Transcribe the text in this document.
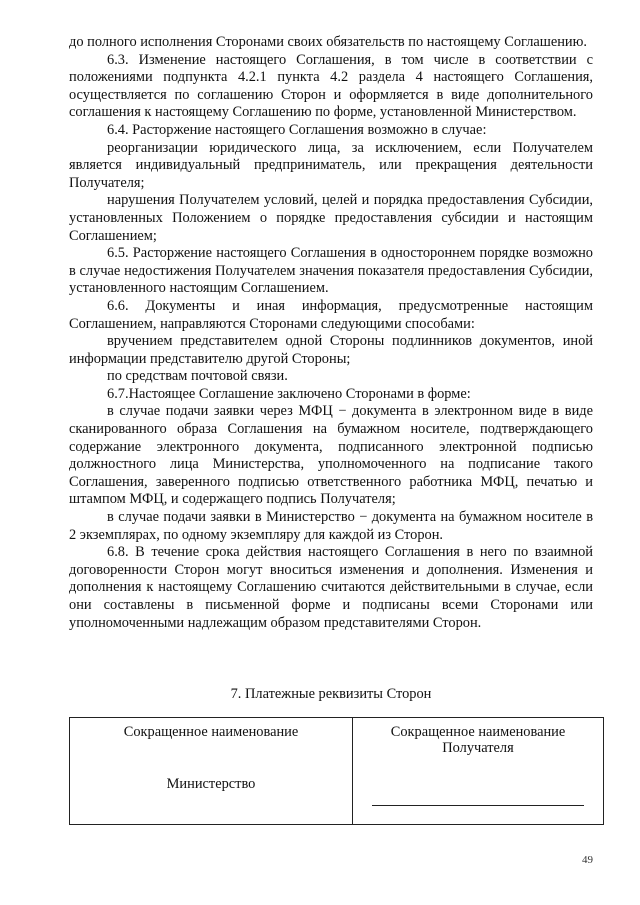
до полного исполнения Сторонами своих обязательств по настоящему Соглашению.

6.3. Изменение настоящего Соглашения, в том числе в соответствии с положениями подпункта 4.2.1 пункта 4.2 раздела 4 настоящего Соглашения, осуществляется по соглашению Сторон и оформляется в виде дополнительного соглашения к настоящему Соглашению по форме, установленной Министерством.

6.4. Расторжение настоящего Соглашения возможно в случае:

реорганизации юридического лица, за исключением, если Получателем является индивидуальный предприниматель, или прекращения деятельности Получателя;

нарушения Получателем условий, целей и порядка предоставления Субсидии, установленных Положением о порядке предоставления субсидии и настоящим Соглашением;

6.5. Расторжение настоящего Соглашения в одностороннем порядке возможно в случае недостижения Получателем значения показателя предоставления Субсидии, установленного настоящим Соглашением.

6.6. Документы и иная информация, предусмотренные настоящим Соглашением, направляются Сторонами следующими способами:

вручением представителем одной Стороны подлинников документов, иной информации представителю другой Стороны;

по средствам почтовой связи.

6.7.Настоящее Соглашение заключено Сторонами в форме:

в случае подачи заявки через МФЦ − документа в электронном виде в виде сканированного образа Соглашения на бумажном носителе, подтверждающего содержание электронного документа, подписанного электронной подписью должностного лица Министерства, уполномоченного на подписание такого Соглашения, заверенного подписью ответственного работника МФЦ, печатью и штампом МФЦ, и содержащего подпись Получателя;

в случае подачи заявки в Министерство − документа на бумажном носителе в 2 экземплярах, по одному экземпляру для каждой из Сторон.

6.8. В течение срока действия настоящего Соглашения в него по взаимной договоренности Сторон могут вноситься изменения и дополнения. Изменения и дополнения к настоящему Соглашению считаются действительными в случае, если они составлены в письменной форме и подписаны всеми Сторонами или уполномоченными надлежащим образом представителями Сторон.

7. Платежные реквизиты Сторон
Сокращенное наименование
Министерство
Сокращенное наименование Получателя
49
